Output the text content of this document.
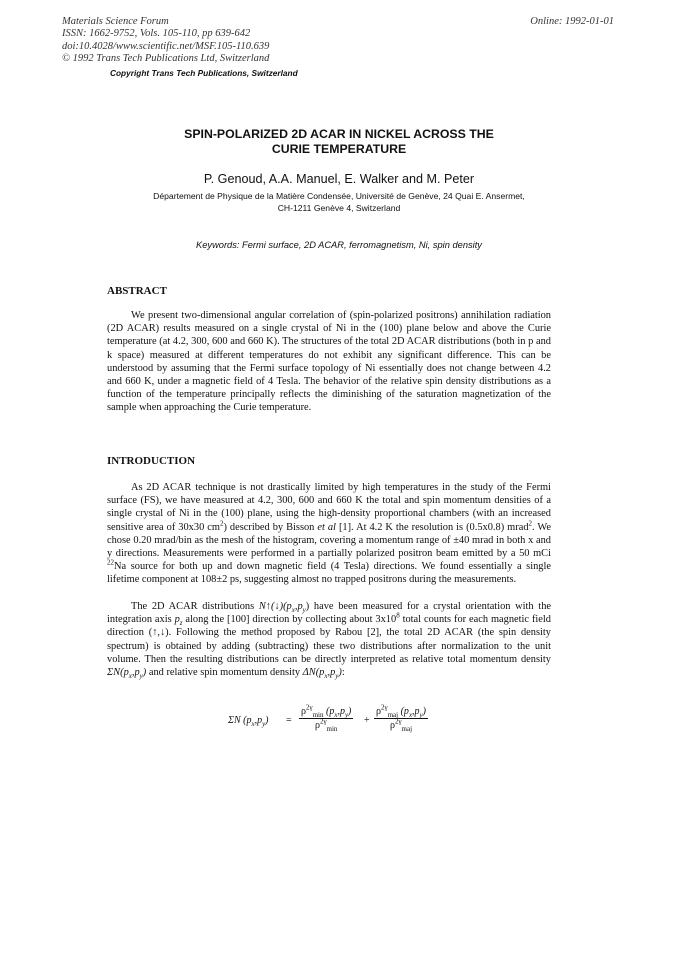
Materials Science Forum
ISSN: 1662-9752, Vols. 105-110, pp 639-642
doi:10.4028/www.scientific.net/MSF.105-110.639
© 1992 Trans Tech Publications Ltd, Switzerland
Online: 1992-01-01
Copyright Trans Tech Publications, Switzerland
SPIN-POLARIZED 2D ACAR IN NICKEL ACROSS THE
CURIE TEMPERATURE
P. Genoud, A.A. Manuel, E. Walker and M. Peter
Département de Physique de la Matière Condensée, Université de Genève, 24 Quai E. Ansermet,
CH-1211 Genève 4, Switzerland
Keywords: Fermi surface, 2D ACAR, ferromagnetism, Ni, spin density
ABSTRACT

We present two-dimensional angular correlation of (spin-polarized positrons) annihilation radiation (2D ACAR) results measured on a single crystal of Ni in the (100) plane below and above the Curie temperature (at 4.2, 300, 600 and 660 K). The structures of the total 2D ACAR distributions (both in p and k space) measured at different temperatures do not exhibit any significant difference. This can be understood by assuming that the Fermi surface topology of Ni essentially does not change between 4.2 and 660 K, under a magnetic field of 4 Tesla. The behavior of the relative spin density distributions as a function of the temperature principally reflects the diminishing of the saturation magnetization of the sample when approaching the Curie temperature.

INTRODUCTION

As 2D ACAR technique is not drastically limited by high temperatures in the study of the Fermi surface (FS), we have measured at 4.2, 300, 600 and 660 K the total and spin momentum densities of a single crystal of Ni in the (100) plane, using the high-density proportional chambers (with an increased sensitive area of 30x30 $cm^2$) described by Bisson et al [1]. At 4.2 K the resolution is (0.5x0.8) mrad$^2$. We chose 0.20 mrad/bin as the mesh of the histogram, covering a momentum range of ±40 mrad in both x and y directions. Measurements were performed in a partially polarized positron beam emitted by a 50 mCi $^{22}$Na source for both up and down magnetic field (4 Tesla) directions. We found essentially a single lifetime component at 108±2 ps, suggesting almost no trapped positrons during the measurements.

The 2D ACAR distributions $N↑(↓)(p_x,p_y)$ have been measured for a crystal orientation with the integration axis $p_z$ along the [100] direction by collecting about $3x10^8$ total counts for each magnetic field direction (↑,↓). Following the method proposed by Rabou [2], the total 2D ACAR (the spin density spectrum) is obtained by adding (subtracting) these two distributions after normalization to the unit volume. Then the resulting distributions can be directly interpreted as relative total momentum density $\Sigma N(p_x,p_y)$ and relative spin momentum density $\Delta N(p_x,p_y)$:

ΣN $(p_x,p_y)$ =
$\rho^{2\gamma}_{min}$ $(p_x,p_y)$
$\rho^{2\gamma}_{min}$
+
$\rho^{2\gamma}_{maj}$ $(p_x,p_y)$
$\rho^{2\gamma}_{maj}$
